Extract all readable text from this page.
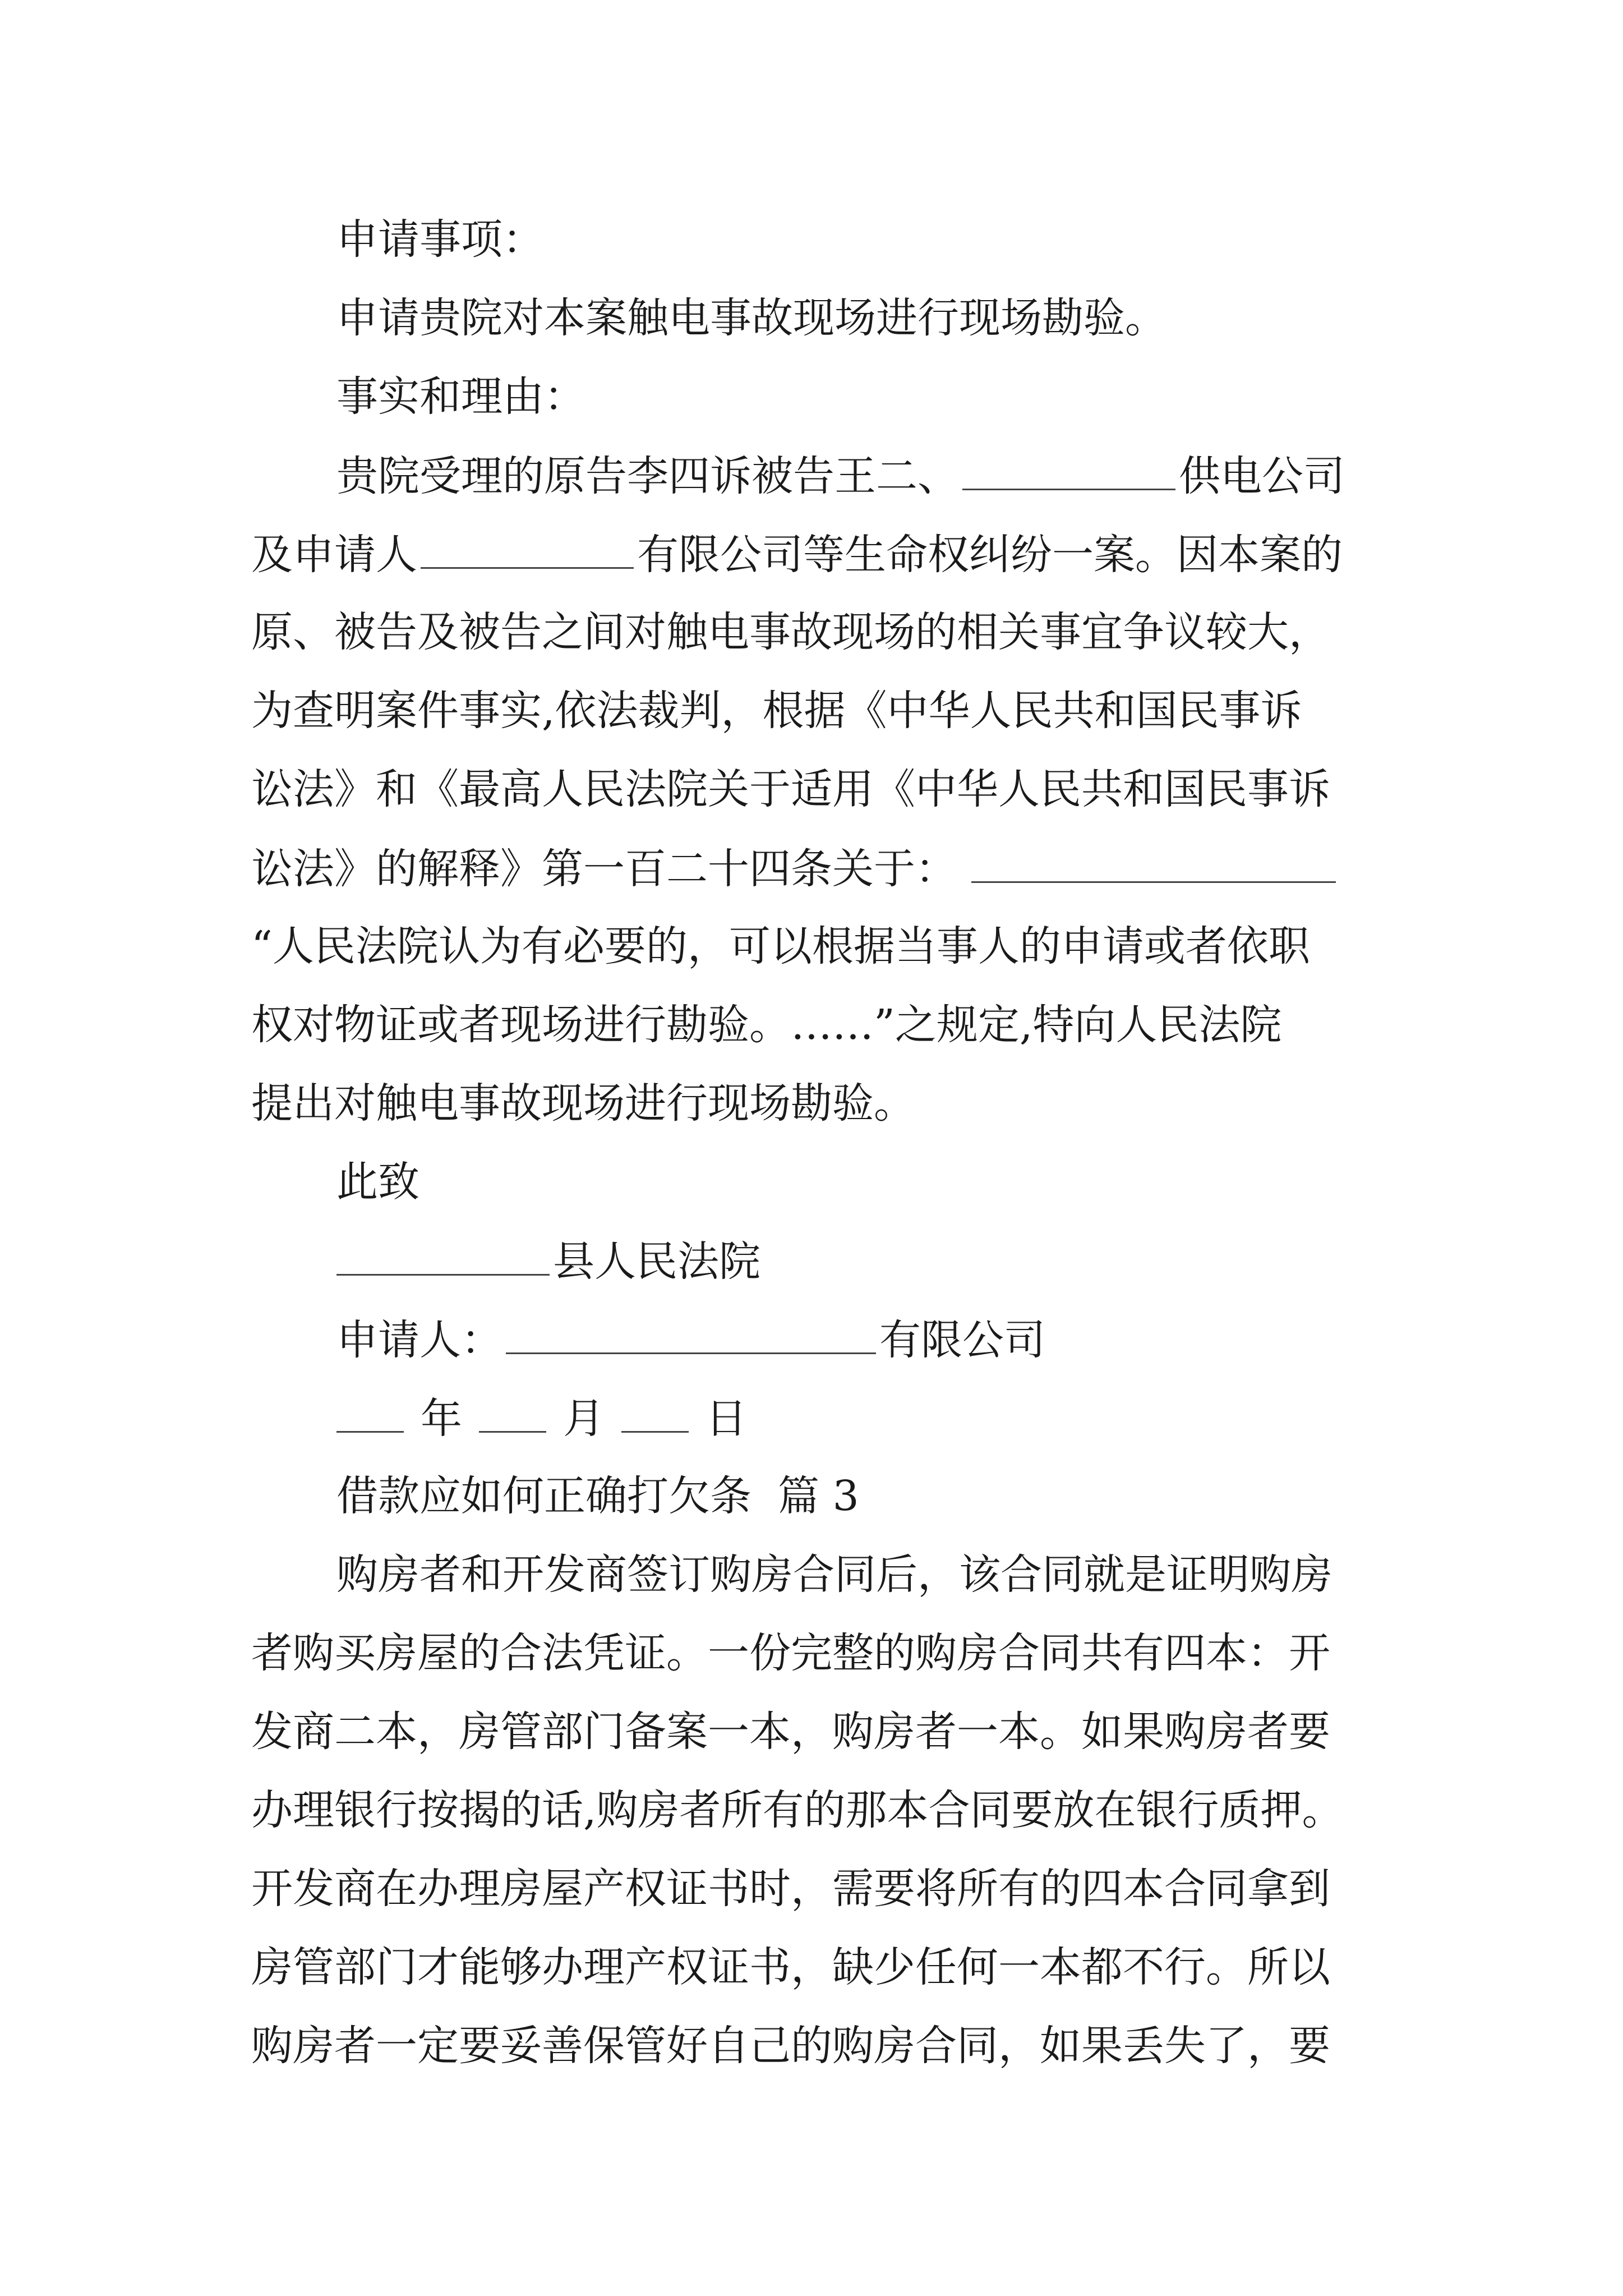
申请事项：
申请贵院对本案触电事故现场进行现场勘验。
事实和理由：
贵院受理的原告李四诉被告王二、	供电公司
及申请人	有限公司等生命权纠纷一案。因本案的
原、被告及被告之间对触电事故现场的相关事宜争议较大，
为查明案件事实,依法裁判，根据《中华人民共和国民事诉
讼法》和《最高人民法院关于适用《中华人民共和国民事诉
讼法》的解释》第一百二十四条关于：
“人民法院认为有必要的，可以根据当事人的申请或者依职
权对物证或者现场进行勘验。……”之规定,特向人民法院
提出对触电事故现场进行现场勘验。
此致
县人民法院
申请人：	有限公司
年 月 日
借款应如何正确打欠条  篇 3
购房者和开发商签订购房合同后，该合同就是证明购房
者购买房屋的合法凭证。一份完整的购房合同共有四本：开
发商二本，房管部门备案一本，购房者一本。如果购房者要
办理银行按揭的话,购房者所有的那本合同要放在银行质押。
开发商在办理房屋产权证书时，需要将所有的四本合同拿到
房管部门才能够办理产权证书，缺少任何一本都不行。所以
购房者一定要妥善保管好自己的购房合同，如果丢失了，要
